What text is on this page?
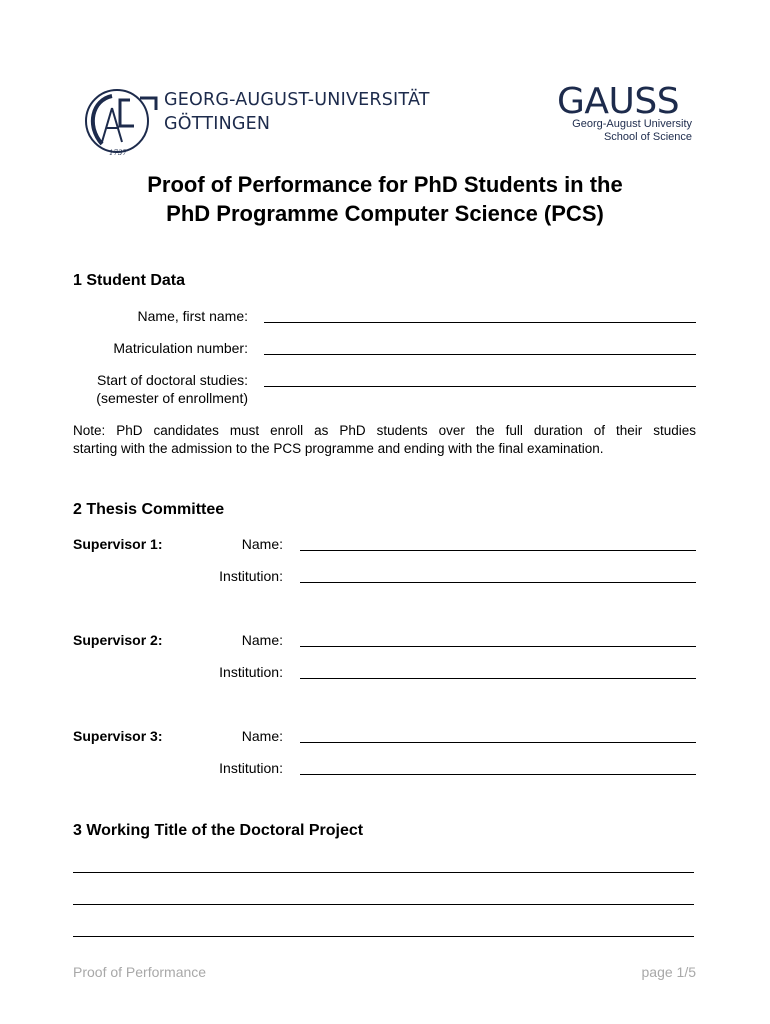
1737
GEORG-AUGUST-UNIVERSITÄT
GÖTTINGEN
GAUSS
Georg-August University
School of Science
Proof of Performance for PhD Students in the
PhD Programme Computer Science (PCS)
1 Student Data
Name, first name:
Matriculation number:
Start of doctoral studies:
(semester of enrollment)
Note: PhD candidates must enroll as PhD students over the full duration of their studies
starting with the admission to the PCS programme and ending with the final examination.
2 Thesis Committee
Supervisor 1:	Name:
Institution:
Supervisor 2:	Name:
Institution:
Supervisor 3:	Name:
Institution:
3 Working Title of the Doctoral Project
Proof of Performance	page 1/5
